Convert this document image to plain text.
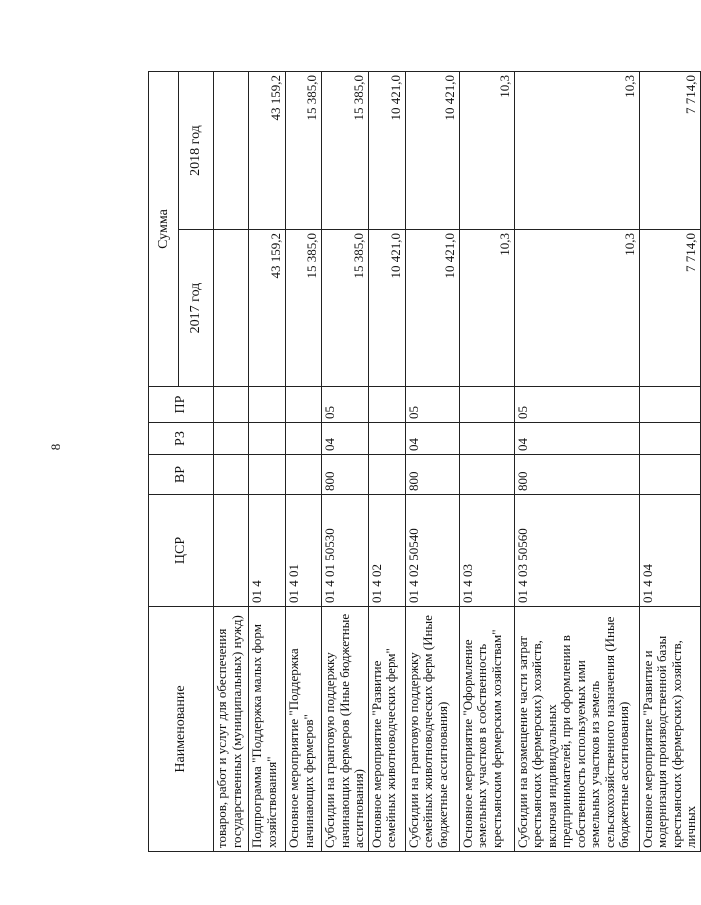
8
Наименование	ЦСР	ВР	РЗ	ПР	Сумма	
					2017 год	2018 год
товаров, работ и услуг для обеспечения государственных (муниципальных) нужд)						
Подпрограмма "Поддержка малых форм хозяйствования"	01 4				43 159,2	43 159,2
Основное мероприятие "Поддержка начинающих фермеров"	01 4 01				15 385,0	15 385,0
Субсидии на грантовую поддержку начинающих фермеров (Иные бюджетные ассигнования)	01 4 01 50530	800	04	05	15 385,0	15 385,0
Основное мероприятие "Развитие семейных животноводческих ферм"	01 4 02				10 421,0	10 421,0
Субсидии на грантовую поддержку семейных животноводческих ферм (Иные бюджетные ассигнования)	01 4 02 50540	800	04	05	10 421,0	10 421,0
Основное мероприятие "Оформление земельных участков в собственность крестьянским фермерским хозяйствам"	01 4 03				10,3	10,3
Субсидии на возмещение части затрат крестьянских (фермерских) хозяйств, включая индивидуальных предпринимателей, при оформлении в собственность используемых ими земельных участков из земель сельскохозяйственного назначения (Иные бюджетные ассигнования)	01 4 03 50560	800	04	05	10,3	10,3
Основное мероприятие "Развитие и модернизация производственной базы крестьянских (фермерских) хозяйств, личных	01 4 04				7 714,0	7 714,0
